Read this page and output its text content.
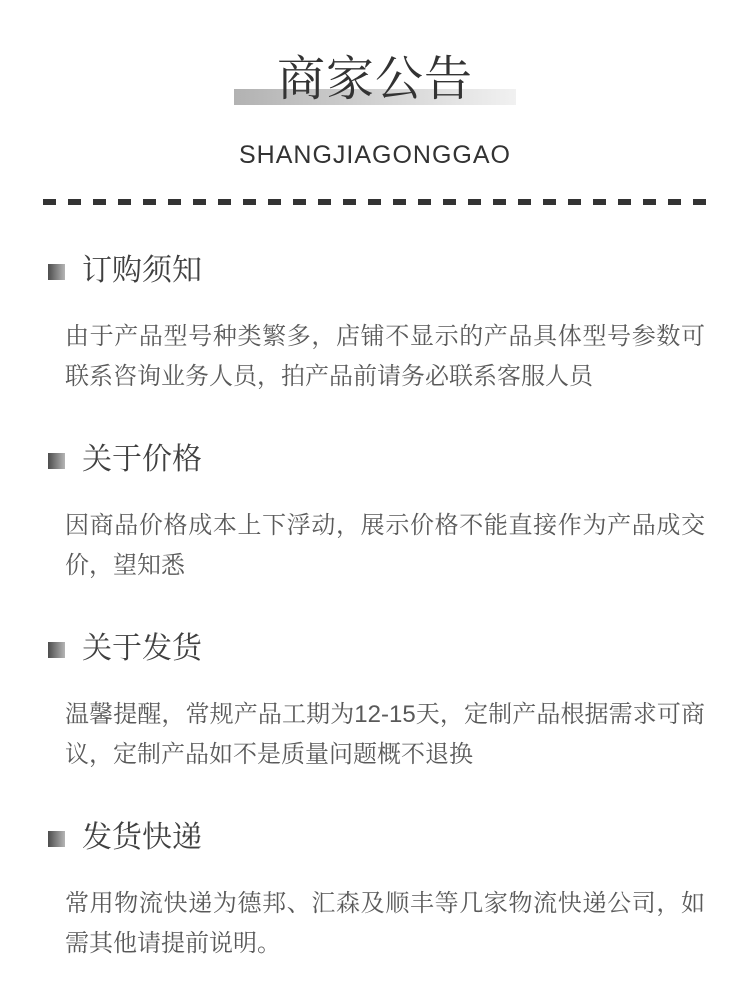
商家公告
SHANGJIAGONGGAO
订购须知
由于产品型号种类繁多，店铺不显示的产品具体型号参数可联系咨询业务人员，拍产品前请务必联系客服人员
关于价格
因商品价格成本上下浮动，展示价格不能直接作为产品成交价，望知悉
关于发货
温馨提醒，常规产品工期为12-15天，定制产品根据需求可商议，定制产品如不是质量问题概不退换
发货快递
常用物流快递为德邦、汇森及顺丰等几家物流快递公司，如需其他请提前说明。
